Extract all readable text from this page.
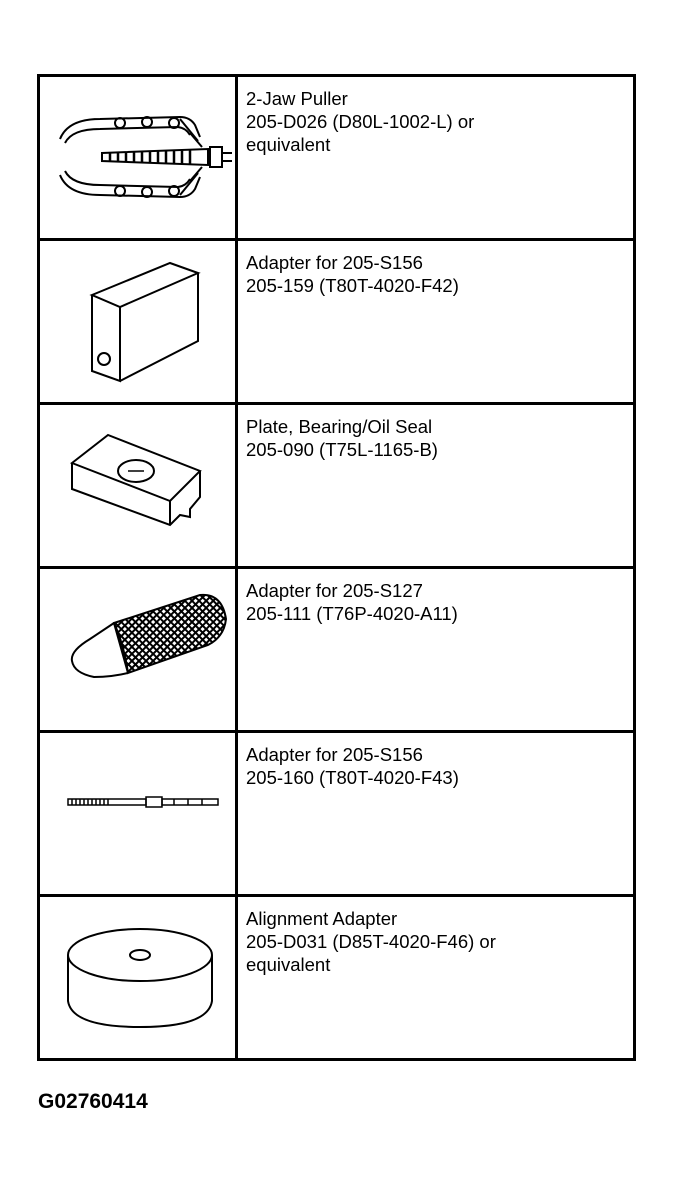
2-Jaw Puller
205-D026 (D80L-1002-L) or
equivalent

Adapter for 205-S156
205-159 (T80T-4020-F42)

Plate, Bearing/Oil Seal
205-090 (T75L-1165-B)

Adapter for 205-S127
205-111 (T76P-4020-A11)

Adapter for 205-S156
205-160 (T80T-4020-F43)

Alignment Adapter
205-D031 (D85T-4020-F46) or
equivalent
G02760414
